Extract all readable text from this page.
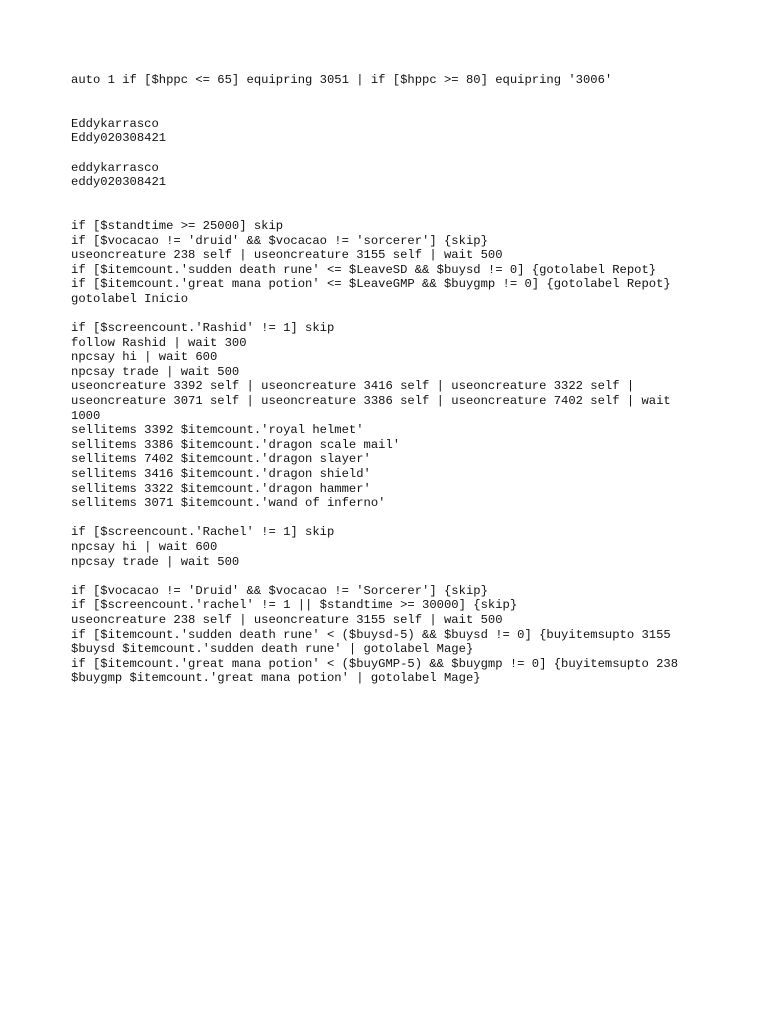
auto 1 if [$hppc <= 65] equipring 3051 | if [$hppc >= 80] equipring '3006'
Eddykarrasco
Eddy020308421
eddykarrasco
eddy020308421
if [$standtime >= 25000] skip
if [$vocacao != 'druid' && $vocacao != 'sorcerer'] {skip}
useoncreature 238 self | useoncreature 3155 self | wait 500
if [$itemcount.'sudden death rune' <= $LeaveSD && $buysd != 0] {gotolabel Repot}
if [$itemcount.'great mana potion' <= $LeaveGMP && $buygmp != 0] {gotolabel Repot}
gotolabel Inicio
if [$screencount.'Rashid' != 1] skip
follow Rashid | wait 300
npcsay hi | wait 600
npcsay trade | wait 500
useoncreature 3392 self | useoncreature 3416 self | useoncreature 3322 self |
useoncreature 3071 self | useoncreature 3386 self | useoncreature 7402 self | wait
1000
sellitems 3392 $itemcount.'royal helmet'
sellitems 3386 $itemcount.'dragon scale mail'
sellitems 7402 $itemcount.'dragon slayer'
sellitems 3416 $itemcount.'dragon shield'
sellitems 3322 $itemcount.'dragon hammer'
sellitems 3071 $itemcount.'wand of inferno'
if [$screencount.'Rachel' != 1] skip
npcsay hi | wait 600
npcsay trade | wait 500
if [$vocacao != 'Druid' && $vocacao != 'Sorcerer'] {skip}
if [$screencount.'rachel' != 1 || $standtime >= 30000] {skip}
useoncreature 238 self | useoncreature 3155 self | wait 500
if [$itemcount.'sudden death rune' < ($buysd-5) && $buysd != 0] {buyitemsupto 3155
$buysd $itemcount.'sudden death rune' | gotolabel Mage}
if [$itemcount.'great mana potion' < ($buyGMP-5) && $buygmp != 0] {buyitemsupto 238
$buygmp $itemcount.'great mana potion' | gotolabel Mage}
